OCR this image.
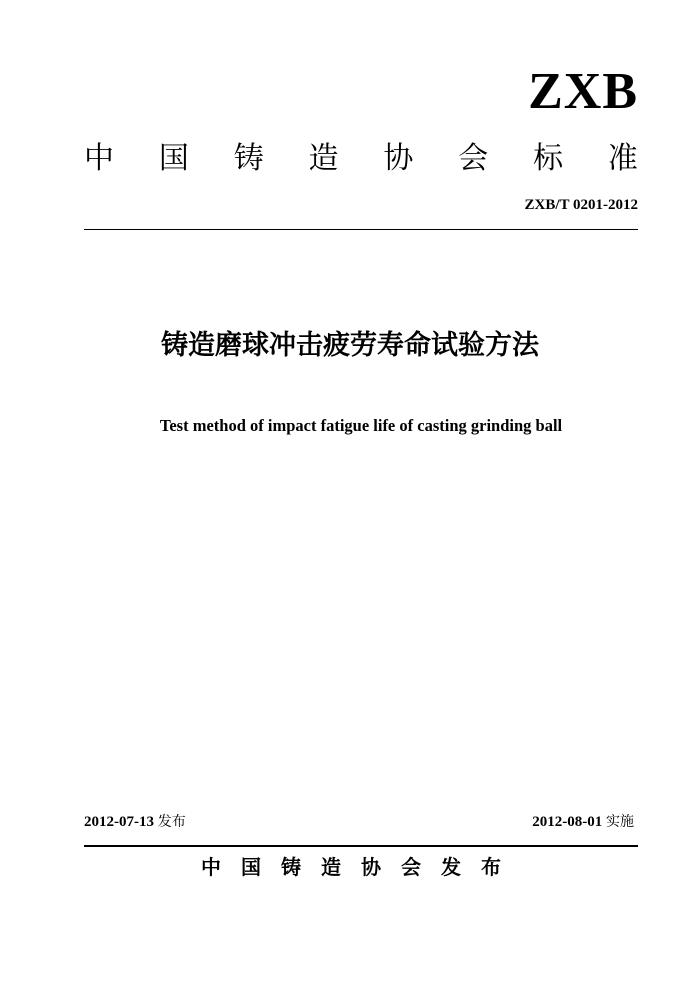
ZXB
中 国 铸 造 协 会 标 准
ZXB/T 0201-2012
铸造磨球冲击疲劳寿命试验方法
Test method of impact fatigue life of casting grinding ball
2012-07-13 发布	2012-08-01 实施
中国铸造协会发布
